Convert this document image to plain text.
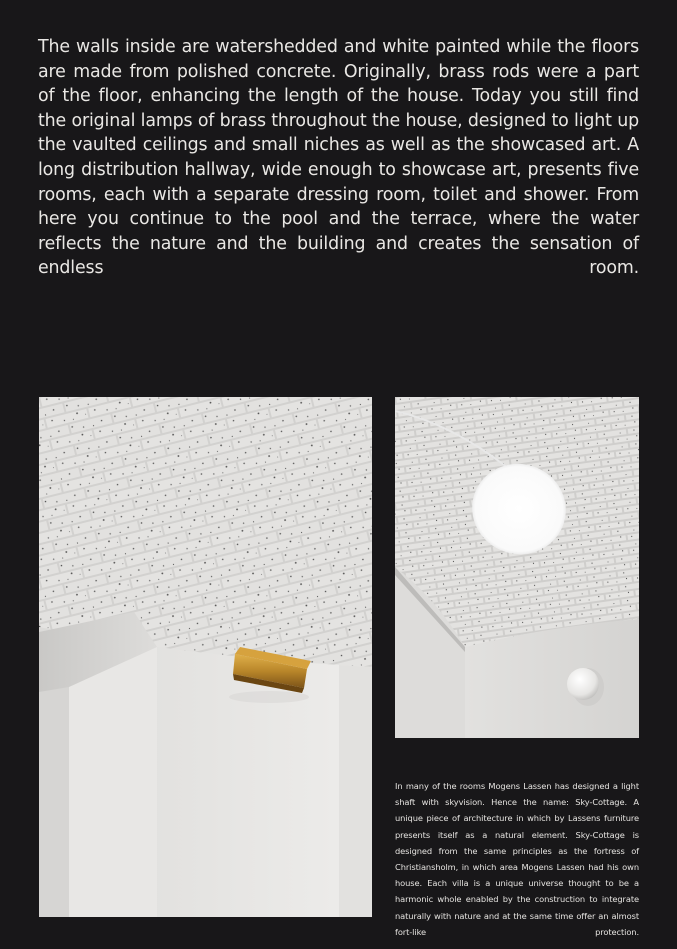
The walls inside are watershedded and white painted while the floors are made from polished concrete. Originally, brass rods were a part of the floor, enhancing the length of the house. Today you still find the original lamps of brass throughout the house, designed to light up the vaulted ceilings and small niches as well as the showcased art. A long distribution hallway, wide enough to showcase art, presents five rooms, each with a separate dressing room, toilet and shower. From here you continue to the pool and the terrace, where the water reflects the nature and the building and creates the sensation of endless room.

In many of the rooms Mogens Lassen has designed a light shaft with skyvision. Hence the name: Sky-Cottage. A unique piece of architecture in which by Lassens furniture presents itself as a natural element. Sky-Cottage is designed from the same principles as the fortress of Christiansholm, in which area Mogens Lassen had his own house. Each villa is a unique universe thought to be a harmonic whole enabled by the construction to integrate naturally with nature and at the same time offer an almost fort-like protection.
